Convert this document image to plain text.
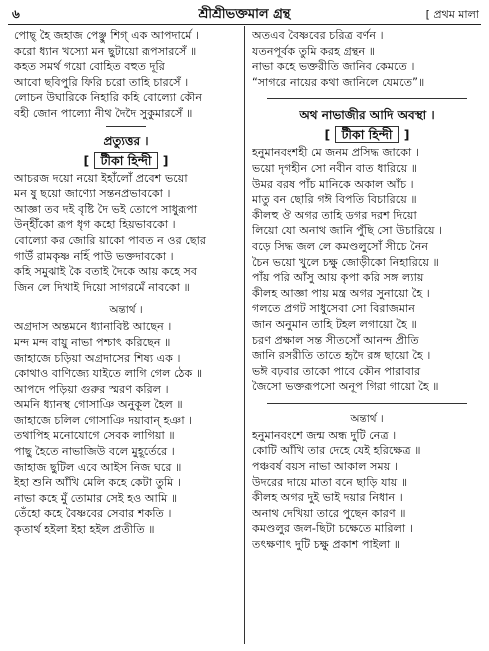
৬	শ্রীশ্রীভক্তমাল গ্রন্থ	[ প্রথম মালা
পোছ্‌ হৈ জহাজ পেঞ্ছু শিগ্‌ এক আপদার্মে ।
করো ধ্যান খস্যো মন ছুটায়ো রূপসারসেঁ ॥
কহত সমর্থ গয়ো বোহিত বহুত দূরি
আবো ছবিপুরি ফিরি চরো তাহি চারসেঁ ।
লোচন উঘারিকে নিহারি কহি বোল্যো কৌন
বহী জোন পাল্যো নীথ দৈদৈ সুকুমারসেঁ ॥
প্রত্যুত্তর ।
[ টীকা হিন্দী ]
আচরজ দয়ো নয়ো ইহাঁলোঁ প্রবেশ ভয়ো
মন ষু ছয়ো জাণ্যো সন্তনপ্রভাবকো ।
আজ্ঞা তব দই বৃষ্টি দৈ ভই তোপে সাধুরূপা
উন্হীঁকো রূপ ধৃগ কহো হিয়ভাবকো ।
বোল্যো কর জোরি য়াকো পাবত ন ওর ছোর
গাউঁ রামকৃষ্ণ নহিঁ পাউ ভক্তদাবকো ।
কহি সমুঝাই কৈ বতাই দৈকে আয় কহে সব
জিন লে দিখাই দিয়ো সাগরমেঁ নাবকো ॥
অন্তার্থ ।
অগ্রদাস অন্তমনে ধ্যানাবিষ্ট আছেন ।
মন্দ মন্দ বায়ু নাভা পশ্চাৎ করিছেন ॥
জাহাজে চড়িয়া অগ্রদাসের শিষ্য এক ।
কোথাও বাণিজ্যে যাইতে লাগি গেল ঠেক ॥
আপদে পড়িয়া গুরুর স্মরণ করিল ।
অমনি ধ্যানস্থ গোসাঞি অনুকূল হৈল ॥
জাহাজে চলিল গোসাঞি দয়াবান্ হঞা ।
তথাপিহ মনোযোগে সেবক লাগিয়া ॥
পাছু হৈতে নাভাজিউ বলে মুহূর্তেরে ।
জাহাজ ছুটিল এবে আইস নিজ ঘরে ॥
ইহা শুনি আঁখি মেলি কহে কেটা তুমি ।
নাভা কহে মুঁ তোমার সেই হও আমি ॥
তেঁহো কহে বৈষ্ণবের সেবার শকতি ।
কৃতার্থ হইলা ইহা হইল প্রতীতি ॥
অতএব বৈষ্ণবের চরিত্র বর্ণন ।
যতনপূর্বক তুমি করহ গ্রন্থন ॥
নাভা কহে ভক্তরীতি জানিব কেমতে ।
“সাগরে নায়ের কথা জানিলে যেমতে”॥
অথ নাভাজীর আদি অবস্থা ।
[ টীকা হিন্দী ]
হনুমানবংশহী মে জনম প্রসিদ্ধ জাকো ।
ভয়ো দৃগহীন সো নবীন বাত ধারিয়ে ॥
উমর বরষ পাঁচ মানিকে অকাল আঁচ ।
মাতু বন ছোরি গঈ বিপতি বিচারিয়ে ॥
কীলহু ঔ অগর তাহি ডগর দরশ দিয়ো
লিয়ো যো অনাথ জানি পুঁছি সো উচারিয়ে ।
বড়ে সিদ্ধ জল লে কমণ্ডলুসোঁ সীচে নৈন
চৈন ভয়ো খুলে চক্ষু জোড়ীকো নিহারিয়ে ॥
পাঁয় পরি আঁসু আয় কৃপা করি সঙ্গ ল্যায়
কীলহ আজ্ঞা পায় মন্ত্র অগর সুনায়ো হৈ ।
গলতে প্রগট সাধুসেবা সো বিরাজমান
জান অনুমান তাহি টহল লগায়ো হৈ ॥
চরণ প্রক্ষাল সন্ত সীতসোঁ আনন্দ প্রীতি
জানি রসরীতি তাতে হৃদৈ রঙ্গ ছায়ো হৈ ।
ভঈ বঢ়বার তাকো পাবে কৌন পারাবার
জৈসো ভক্তরূপসো অনূপ গিরা গায়ো হৈ ॥
অন্তার্থ ।
হনুমানবংশে জন্ম অন্ধ দুটি নেত্র ।
কোটি আঁখি তার দেহে যেই হরিক্ষেত্র ॥
পঞ্চবর্ষ বয়স নাভা আকাল সময় ।
উদরের দায়ে মাতা বনে ছাড়ি যায় ॥
কীলহ অগর দুই ভাই দয়ার নিধান ।
অনাথ দেখিয়া তারে পুছেন কারণ ॥
কমণ্ডলুর জল-ছিটা চক্ষেতে মারিলা ।
তৎক্ষণাৎ দুটি চক্ষু প্রকাশ পাইলা ॥
